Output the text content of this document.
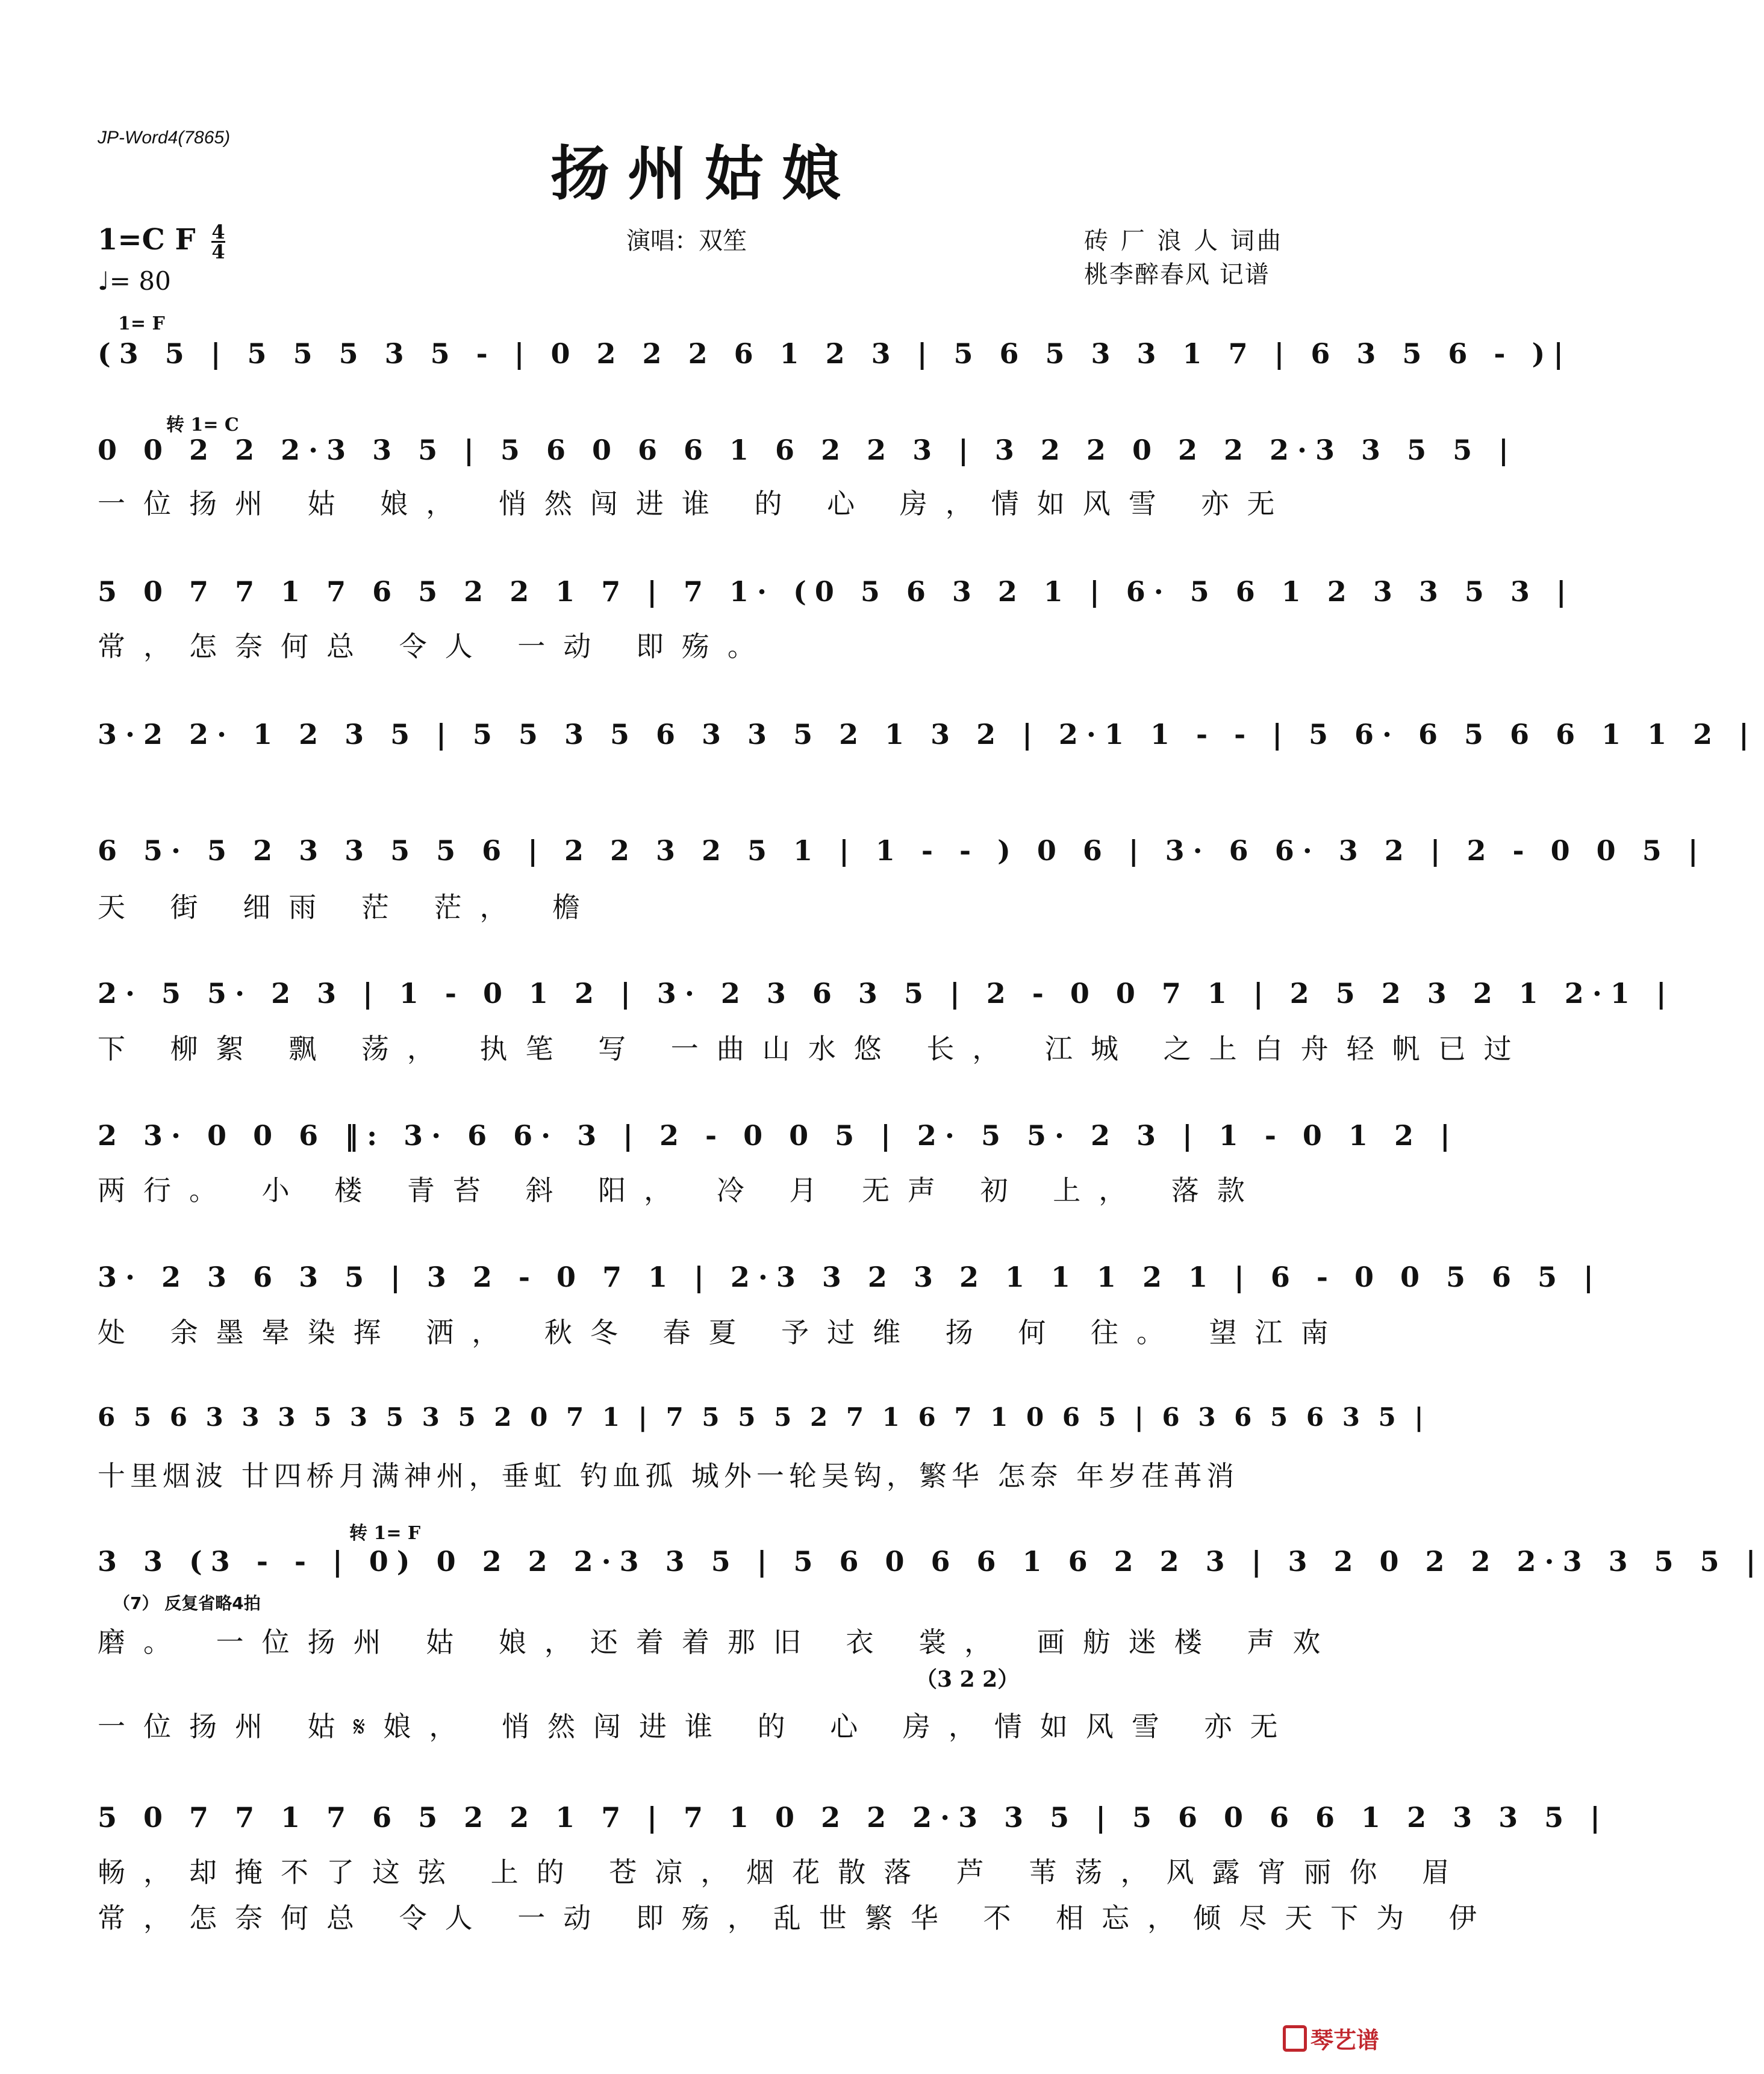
JP-Word4(7865)
扬州姑娘
1=C F $\frac{4}{4}$
♩= 80
演唱：双笙	砖 厂 浪 人 词曲
桃李醉春风 记谱
1= F
(3 5 | 5 5 5 3 5 - | 0 2 2 2 6 1 2 3 | 5 6 5 3 3 1 7 | 6 3 5 6 - )|
转 1= C
0 0 2 2 2·3 3 5 | 5 6 0 6 6 1 6 2 2 3 | 3 2 2 0 2 2 2·3 3 5 5 |
一位扬州 姑 娘， 悄然闯进谁 的 心 房，情如风雪 亦无
5 0 7 7 1 7 6 5 2 2 1 7 | 7 1· (0 5 6 3 2 1 | 6· 5 6 1 2 3 3 5 3 |
常，怎奈何总 令人 一动 即殇。
3·2 2· 1 2 3 5 | 5 5 3 5 6 3 3 5 2 1 3 2 | 2·1 1 - - | 5 6· 6 5 6 6 1 1 2 |
6 5· 5 2 3 3 5 5 6 | 2 2 3 2 5 1 | 1 - - ) 0 6 | 3· 6 6· 3 2 | 2 - 0 0 5 |
天 街 细雨 茫 茫， 檐
2· 5 5· 2 3 | 1 - 0 1 2 | 3· 2 3 6 3 5 | 2 - 0 0 7 1 | 2 5 2 3 2 1 2·1 |
下 柳絮 飘 荡， 执笔 写 一曲山水悠 长， 江城 之上白舟轻帆已过
2 3· 0 0 6 ‖: 3· 6 6· 3 | 2 - 0 0 5 | 2· 5 5· 2 3 | 1 - 0 1 2 |
两行。 小 楼 青苔 斜 阳， 冷 月 无声 初 上， 落款
3· 2 3 6 3 5 | 3 2 - 0 7 1 | 2·3 3 2 3 2 1 1 1 2 1 | 6 - 0 0 5 6 5 |
处 余墨晕染挥 洒， 秋冬 春夏 予过维 扬 何 往。 望江南
6 5 6 3 3 3 5 3 5 3 5 2 0 7 1 | 7 5 5 5 2 7 1 6 7 1 0 6 5 | 6 3 6 5 6 3 5 |
十里烟波 廿四桥月满神州，垂虹 钓血孤 城外一轮吴钩，繁华 怎奈 年岁荏苒消
转 1= F
3 3 (3 - - | 0) 0 2 2 2·3 3 5 | 5 6 0 6 6 1 6 2 2 3 | 3 2 0 2 2 2·3 3 5 5 |
（7） 反复省略4拍
（3 2 2）
磨。 一位扬州 姑 娘，还着着那旧 衣 裳， 画舫迷楼 声欢
一位扬州 姑𝄋娘， 悄然闯进谁 的 心 房，情如风雪 亦无
5 0 7 7 1 7 6 5 2 2 1 7 | 7 1 0 2 2 2·3 3 5 | 5 6 0 6 6 1 2 3 3 5 |
畅，却掩不了这弦 上的 苍凉，烟花散落 芦 苇荡，风露宵丽你 眉
常，怎奈何总 令人 一动 即殇，乱世繁华 不 相忘，倾尽天下为 伊
琴艺谱
